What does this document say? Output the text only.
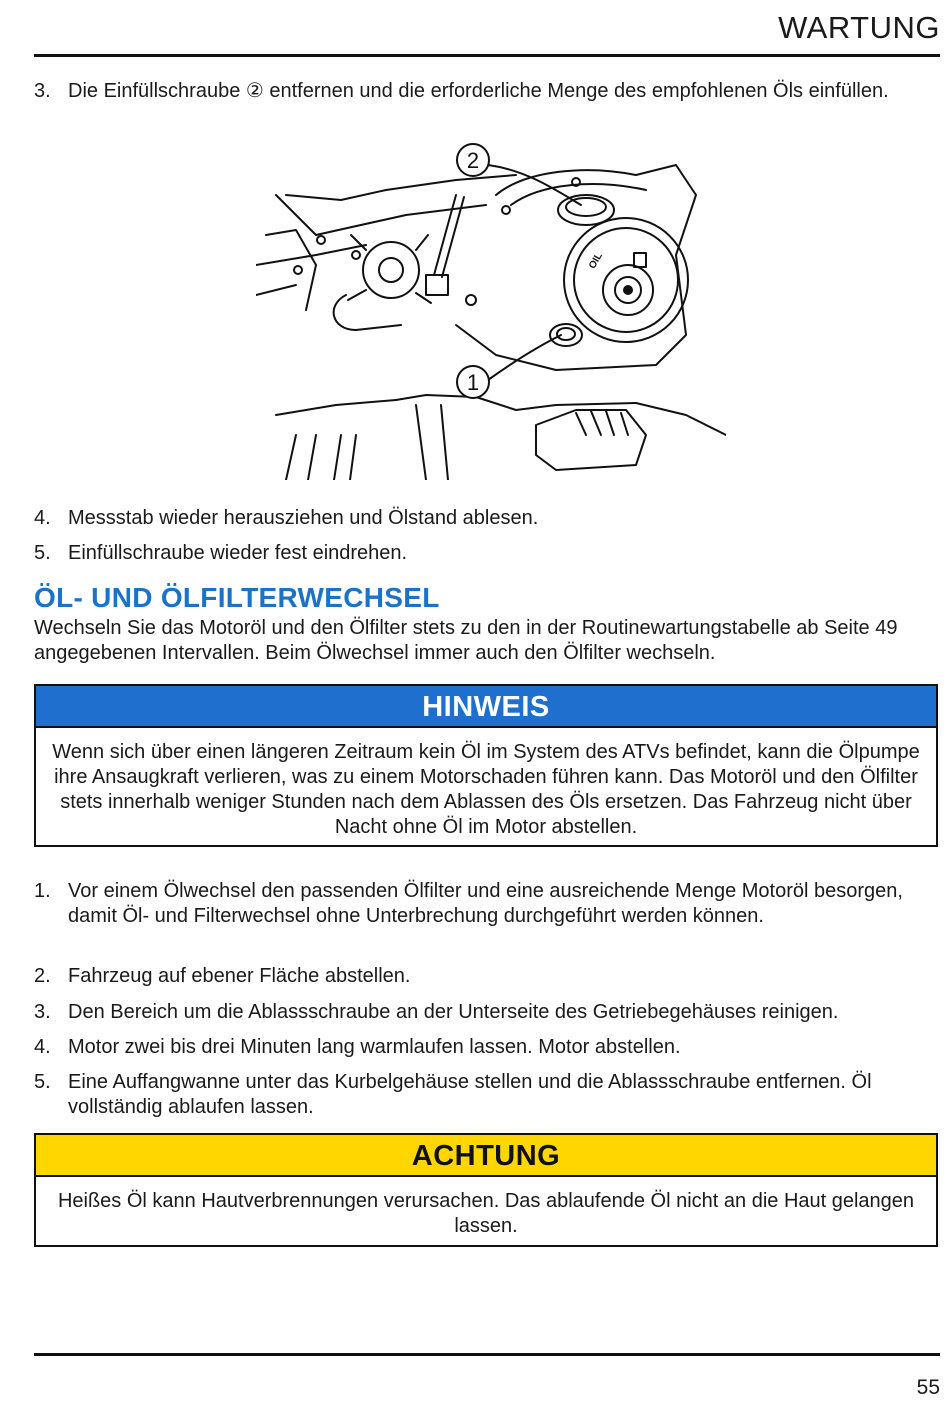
WARTUNG
3. Die Einfüllschraube ② entfernen und die erforderliche Menge des empfohlenen Öls einfüllen.
2
1
OIL
4. Messstab wieder herausziehen und Ölstand ablesen.
5. Einfüllschraube wieder fest eindrehen.
ÖL- UND ÖLFILTERWECHSEL
Wechseln Sie das Motoröl und den Ölfilter stets zu den in der Routinewartungstabelle ab Seite 49 angegebenen Intervallen. Beim Ölwechsel immer auch den Ölfilter wechseln.
HINWEIS
Wenn sich über einen längeren Zeitraum kein Öl im System des ATVs befindet, kann die Ölpumpe ihre Ansaugkraft verlieren, was zu einem Motorschaden führen kann. Das Motoröl und den Ölfilter stets innerhalb weniger Stunden nach dem Ablassen des Öls ersetzen. Das Fahrzeug nicht über Nacht ohne Öl im Motor abstellen.
1. Vor einem Ölwechsel den passenden Ölfilter und eine ausreichende Menge Motoröl besorgen, damit Öl- und Filterwechsel ohne Unterbrechung durchgeführt werden können.
2. Fahrzeug auf ebener Fläche abstellen.
3. Den Bereich um die Ablassschraube an der Unterseite des Getriebegehäuses reinigen.
4. Motor zwei bis drei Minuten lang warmlaufen lassen. Motor abstellen.
5. Eine Auffangwanne unter das Kurbelgehäuse stellen und die Ablassschraube entfernen. Öl vollständig ablaufen lassen.
ACHTUNG
Heißes Öl kann Hautverbrennungen verursachen. Das ablaufende Öl nicht an die Haut gelangen lassen.
55
